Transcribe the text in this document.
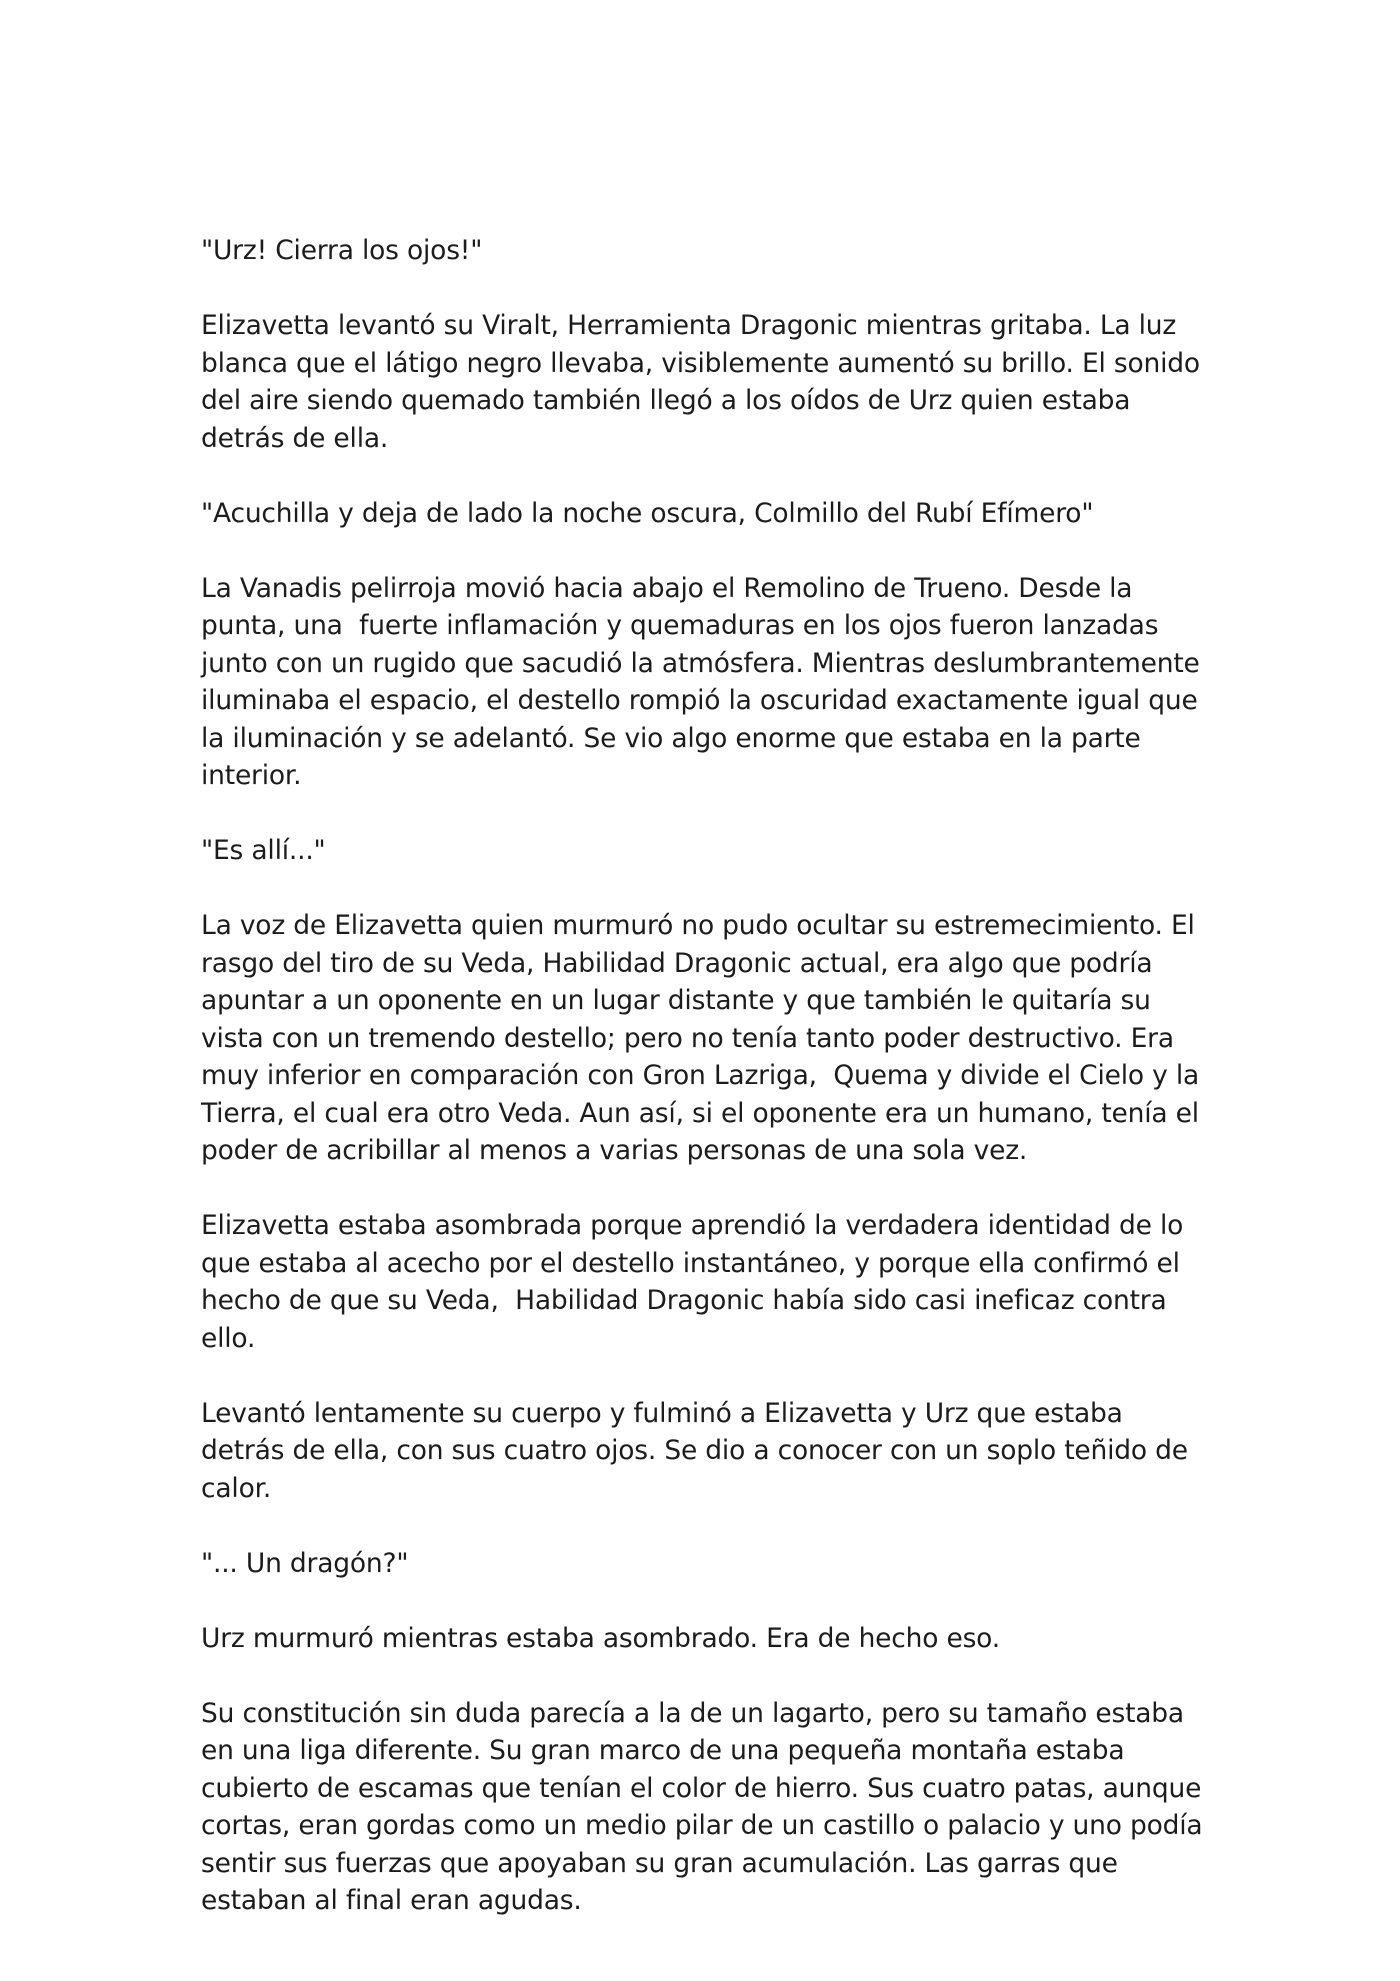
"Urz! Cierra los ojos!"

Elizavetta levantó su Viralt, Herramienta Dragonic mientras gritaba. La luz blanca que el látigo negro llevaba, visiblemente aumentó su brillo. El sonido del aire siendo quemado también llegó a los oídos de Urz quien estaba detrás de ella.

"Acuchilla y deja de lado la noche oscura, Colmillo del Rubí Efímero"

La Vanadis pelirroja movió hacia abajo el Remolino de Trueno. Desde la punta, una  fuerte inflamación y quemaduras en los ojos fueron lanzadas junto con un rugido que sacudió la atmósfera. Mientras deslumbrantemente iluminaba el espacio, el destello rompió la oscuridad exactamente igual que la iluminación y se adelantó. Se vio algo enorme que estaba en la parte interior.

"Es allí..."

La voz de Elizavetta quien murmuró no pudo ocultar su estremecimiento. El rasgo del tiro de su Veda, Habilidad Dragonic actual, era algo que podría apuntar a un oponente en un lugar distante y que también le quitaría su vista con un tremendo destello; pero no tenía tanto poder destructivo. Era muy inferior en comparación con Gron Lazriga,  Quema y divide el Cielo y la Tierra, el cual era otro Veda. Aun así, si el oponente era un humano, tenía el poder de acribillar al menos a varias personas de una sola vez.

Elizavetta estaba asombrada porque aprendió la verdadera identidad de lo que estaba al acecho por el destello instantáneo, y porque ella confirmó el hecho de que su Veda,  Habilidad Dragonic había sido casi ineficaz contra ello.

Levantó lentamente su cuerpo y fulminó a Elizavetta y Urz que estaba detrás de ella, con sus cuatro ojos. Se dio a conocer con un soplo teñido de calor.

"... Un dragón?"

Urz murmuró mientras estaba asombrado. Era de hecho eso.

Su constitución sin duda parecía a la de un lagarto, pero su tamaño estaba en una liga diferente. Su gran marco de una pequeña montaña estaba cubierto de escamas que tenían el color de hierro. Sus cuatro patas, aunque cortas, eran gordas como un medio pilar de un castillo o palacio y uno podía sentir sus fuerzas que apoyaban su gran acumulación. Las garras que estaban al final eran agudas.
